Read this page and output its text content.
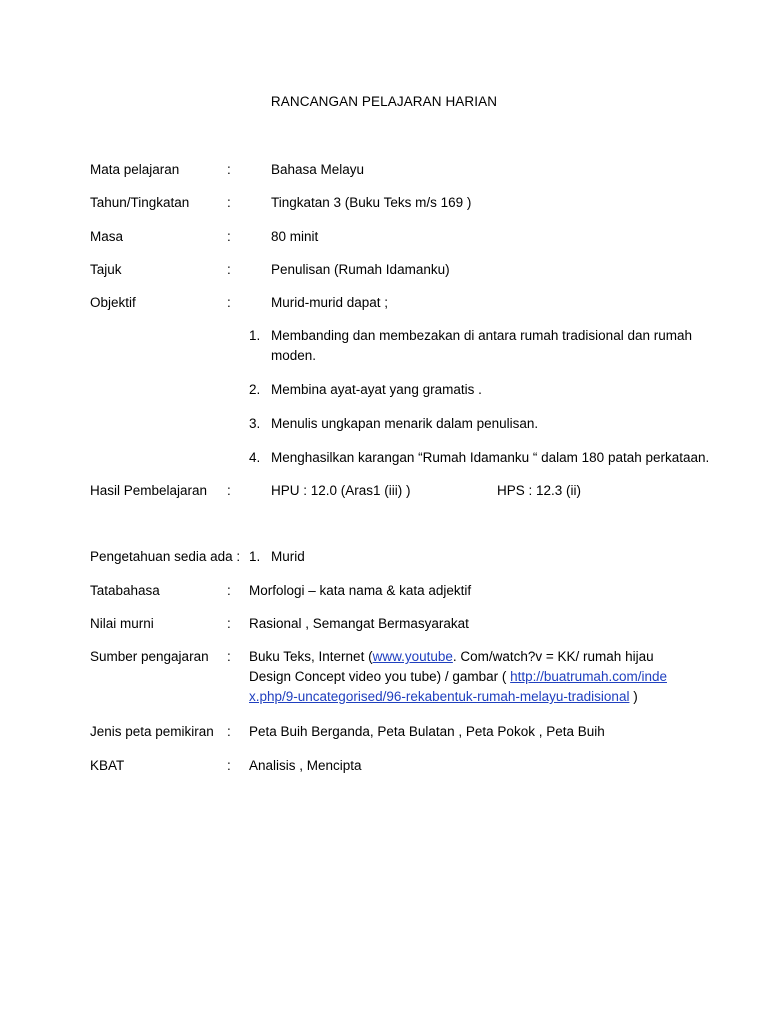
RANCANGAN PELAJARAN HARIAN
Mata pelajaran	:	Bahasa Melayu
Tahun/Tingkatan	:	Tingkatan 3 (Buku Teks m/s 169 )
Masa	:	80 minit
Tajuk	:	Penulisan (Rumah Idamanku)
Objektif	:	Murid-murid dapat ;
1. Membanding dan membezakan di antara rumah tradisional dan rumah moden.
2. Membina ayat-ayat yang gramatis .
3. Menulis ungkapan menarik dalam penulisan.
4. Menghasilkan karangan “Rumah Idamanku “ dalam 180 patah perkataan.
Hasil Pembelajaran :	HPU : 12.0 (Aras1 (iii) )	HPS : 12.3 (ii)
Pengetahuan sedia ada : 1. Murid
Tatabahasa	: Morfologi – kata nama & kata adjektif
Nilai murni	: Rasional , Semangat Bermasyarakat
Sumber pengajaran : Buku Teks, Internet (www.youtube. Com/watch?v = KK/ rumah hijau Design Concept video you tube) / gambar ( http://buatrumah.com/index.php/9-uncategorised/96-rekabentuk-rumah-melayu-tradisional )
Jenis peta pemikiran : Peta Buih Berganda, Peta Bulatan , Peta Pokok , Peta Buih
KBAT	: Analisis , Mencipta
